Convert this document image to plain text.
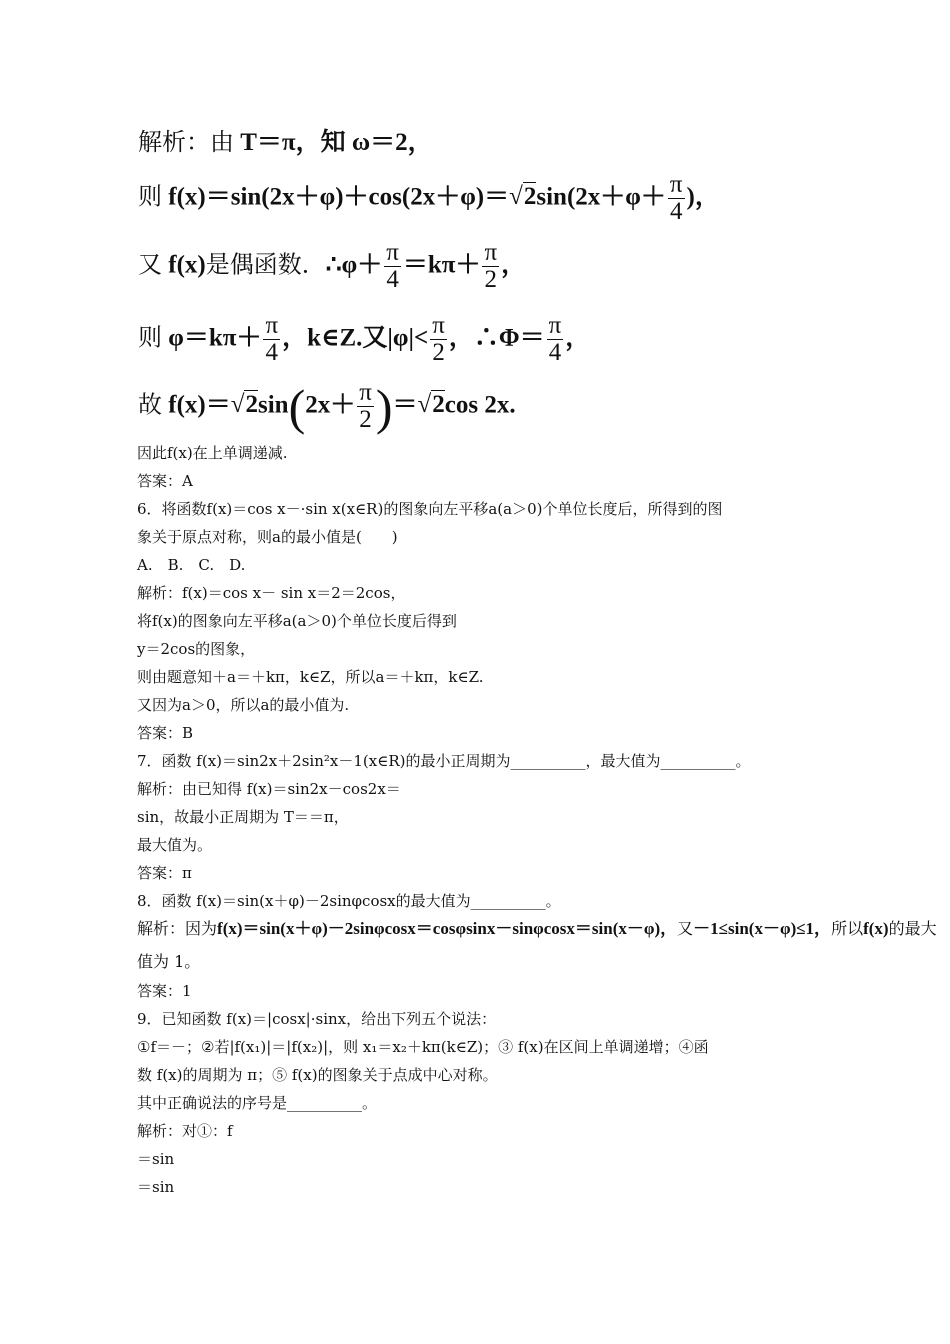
解析：由 T＝π，知 ω＝2，
则 $f(x)=\sin(2x+\varphi)+\cos(2x+\varphi)=√2\sin(2x+\varphi+ \frac{\pi}{4}$ )，
又 f(x)是偶函数．∴φ＋ $\frac{\pi}{4} =k\pi+ \frac{\pi}{2}$ ，
则 $\varphi=k\pi+ \frac{\pi}{4}$ ，k∈Z.又$|\varphi|< \frac{\pi}{2}$ ，∴Φ＝ $\frac{\pi}{4}$ ，
故 $f(x)=√2\sin(2x+ \frac{\pi}{2} )=√2\cos$ 2x.
因此f(x)在上单调递减.
答案：A
6．将函数f(x)＝cos x－·sin x(x∈R)的图象向左平移a(a＞0)个单位长度后，所得到的图
象关于原点对称，则a的最小值是(　　)
A.　B.　C.　D.
解析：f(x)＝cos x－ sin x＝2＝2cos，
将f(x)的图象向左平移a(a＞0)个单位长度后得到
y＝2cos的图象，
则由题意知＋a＝＋kπ，k∈Z，所以a＝＋kπ，k∈Z.
又因为a＞0，所以a的最小值为.
答案：B
7．函数 f(x)＝sin2x＋2sin²x－1(x∈R)的最小正周期为__________，最大值为__________。
解析：由已知得 f(x)＝sin2x－cos2x＝
sin，故最小正周期为 T＝＝π，
最大值为。
答案：π
8．函数 f(x)＝sin(x＋φ)－2sinφcosx的最大值为__________。
解析：因为f(x)＝sin(x＋φ)－2sinφcosx＝cosφsinx－sinφcosx＝sin(x－φ)，又－1≤sin(x－φ)≤1，所以f(x)的最大
值为 1。
答案：1
9．已知函数 f(x)＝|cosx|·sinx，给出下列五个说法：
①f＝－；②若|f(x₁)|＝|f(x₂)|，则 x₁＝x₂＋kπ(k∈Z)；③ f(x)在区间上单调递增；④函
数 f(x)的周期为 π；⑤ f(x)的图象关于点成中心对称。
其中正确说法的序号是__________。
解析：对①：f
＝sin
＝sin
